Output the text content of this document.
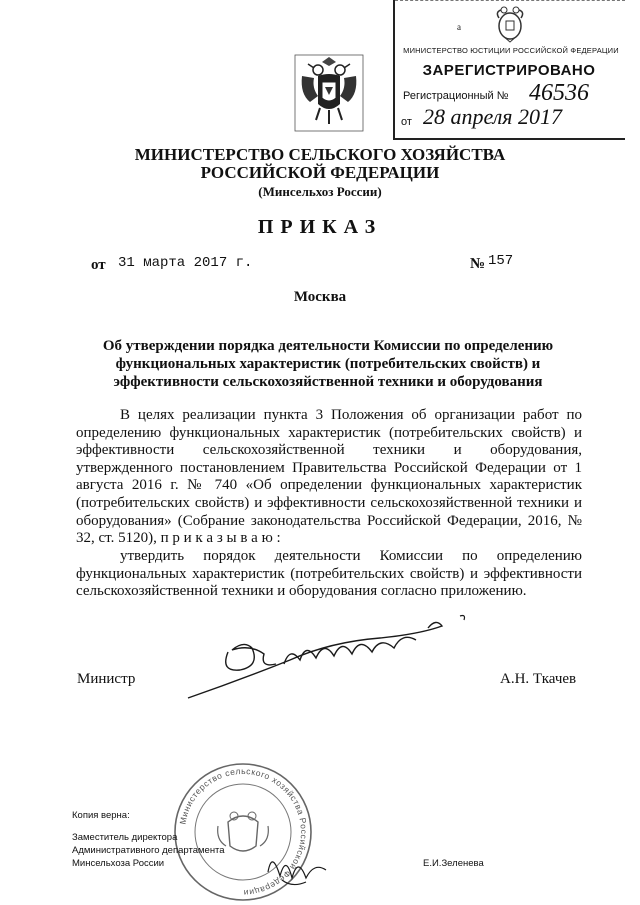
а
МИНИСТЕРСТВО ЮСТИЦИИ РОССИЙСКОЙ ФЕДЕРАЦИИ
ЗАРЕГИСТРИРОВАНО
Регистрационный № 46536
от 28 апреля 2017
МИНИСТЕРСТВО СЕЛЬСКОГО ХОЗЯЙСТВА
РОССИЙСКОЙ ФЕДЕРАЦИИ
(Минсельхоз России)
ПРИКАЗ
от 31 марта 2017 г.	№ 157
Москва
Об утверждении порядка деятельности Комиссии по определению
функциональных характеристик (потребительских свойств) и
эффективности сельскохозяйственной техники и оборудования
В целях реализации пункта 3 Положения об организации работ по определению функциональных характеристик (потребительских свойств) и эффективности сельскохозяйственной техники и оборудования, утвержденного постановлением Правительства Российской Федерации от 1 августа 2016 г. № 740 «Об определении функциональных характеристик (потребительских свойств) и эффективности сельскохозяйственной техники и оборудования» (Собрание законодательства Российской Федерации, 2016, № 32, ст. 5120), п р и к а з ы в а ю :
утвердить порядок деятельности Комиссии по определению функциональных характеристик (потребительских свойств) и эффективности сельскохозяйственной техники и оборудования согласно приложению.
Министр	А.Н. Ткачев
Министерство сельского хозяйства Российской Федерации
Копия верна:
Заместитель директора
Административного департамента
Минсельхоза России	Е.И.Зеленева
